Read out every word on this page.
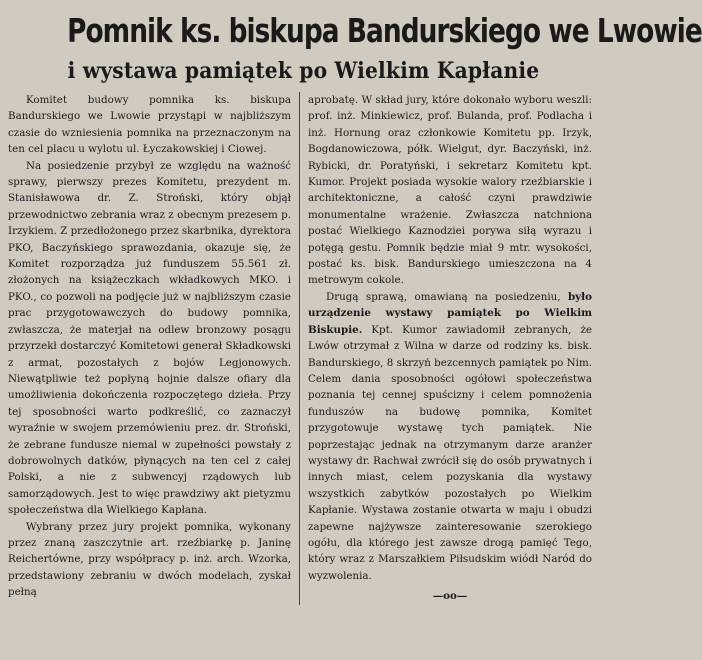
Pomnik ks. biskupa Bandurskiego we Lwowie
i wystawa pamiątek po Wielkim Kapłanie

Komitet budowy pomnika ks. biskupa Bandurskiego we Lwowie przystąpi w najbliższym czasie do wzniesienia pomnika na przeznaczonym na ten cel placu u wylotu ul. Łyczakowskiej i Ciowej.

Na posiedzenie przybył ze względu na ważność sprawy, pierwszy prezes Komitetu, prezydent m. Stanisławowa dr. Z. Stroński, który objął przewodnictwo zebrania wraz z obecnym prezesem p. Irzykiem. Z przedłożonego przez skarbnika, dyrektora PKO, Baczyńskiego sprawozdania, okazuje się, że Komitet rozporządza już funduszem 55.561 zł. złożonych na książeczkach wkładkowych MKO. i PKO., co pozwoli na podjęcie już w najbliższym czasie prac przygotowawczych do budowy pomnika, zwłaszcza, że materjał na odlew bronzowy posągu przyrzekł dostarczyć Komitetowi generał Składkowski z armat, pozostałych z bojów Legjonowych. Niewątpliwie też popłyną hojnie dalsze ofiary dla umożliwienia dokończenia rozpoczętego dzieła. Przy tej sposobności warto podkreślić, co zaznaczył wyraźnie w swojem przemówieniu prez. dr. Stroński, że zebrane fundusze niemal w zupełności powstały z dobrowolnych datków, płynących na ten cel z całej Polski, a nie z subwencyj rządowych lub samorządowych. Jest to więc prawdziwy akt pietyzmu społeczeństwa dla Wielkiego Kapłana.

Wybrany przez jury projekt pomnika, wykonany przez znaną zaszczytnie art. rzeźbiarkę p. Janinę Reichertówne, przy współpracy p. inż. arch. Wzorka, przedstawiony zebraniu w dwóch modelach, zyskał pełną

aprobatę. W skład jury, które dokonało wyboru weszli: prof. inż. Minkiewicz, prof. Bulanda, prof. Podlacha i inż. Hornung oraz członkowie Komitetu pp. Irzyk, Bogdanowiczowa, półk. Wielgut, dyr. Baczyński, inż. Rybicki, dr. Poratyński, i sekretarz Komitetu kpt. Kumor. Projekt posiada wysokie walory rzeźbiarskie i architektoniczne, a całość czyni prawdziwie monumentalne wrażenie. Zwłaszcza natchniona postać Wielkiego Kaznodziei porywa siłą wyrazu i potęgą gestu. Pomnik będzie miał 9 mtr. wysokości, postać ks. bisk. Bandurskiego umieszczona na 4 metrowym cokole.

Drugą sprawą, omawianą na posiedzeniu, było urządzenie wystawy pamiątek po Wielkim Biskupie. Kpt. Kumor zawiadomił zebranych, że Lwów otrzymał z Wilna w darze od rodziny ks. bisk. Bandurskiego, 8 skrzyń bezcennych pamiątek po Nim. Celem dania sposobności ogółowi społeczeństwa poznania tej cennej spuścizny i celem pomnożenia funduszów na budowę pomnika, Komitet przygotowuje wystawę tych pamiątek. Nie poprzestając jednak na otrzymanym darze aranżer wystawy dr. Rachwał zwrócił się do osób prywatnych i innych miast, celem pozyskania dla wystawy wszystkich zabytków pozostałych po Wielkim Kapłanie. Wystawa zostanie otwarta w maju i obudzi zapewne najżywsze zainteresowanie szerokiego ogółu, dla którego jest zawsze drogą pamięć Tego, który wraz z Marszałkiem Piłsudskim wiódł Naród do wyzwolenia.

—oo—
